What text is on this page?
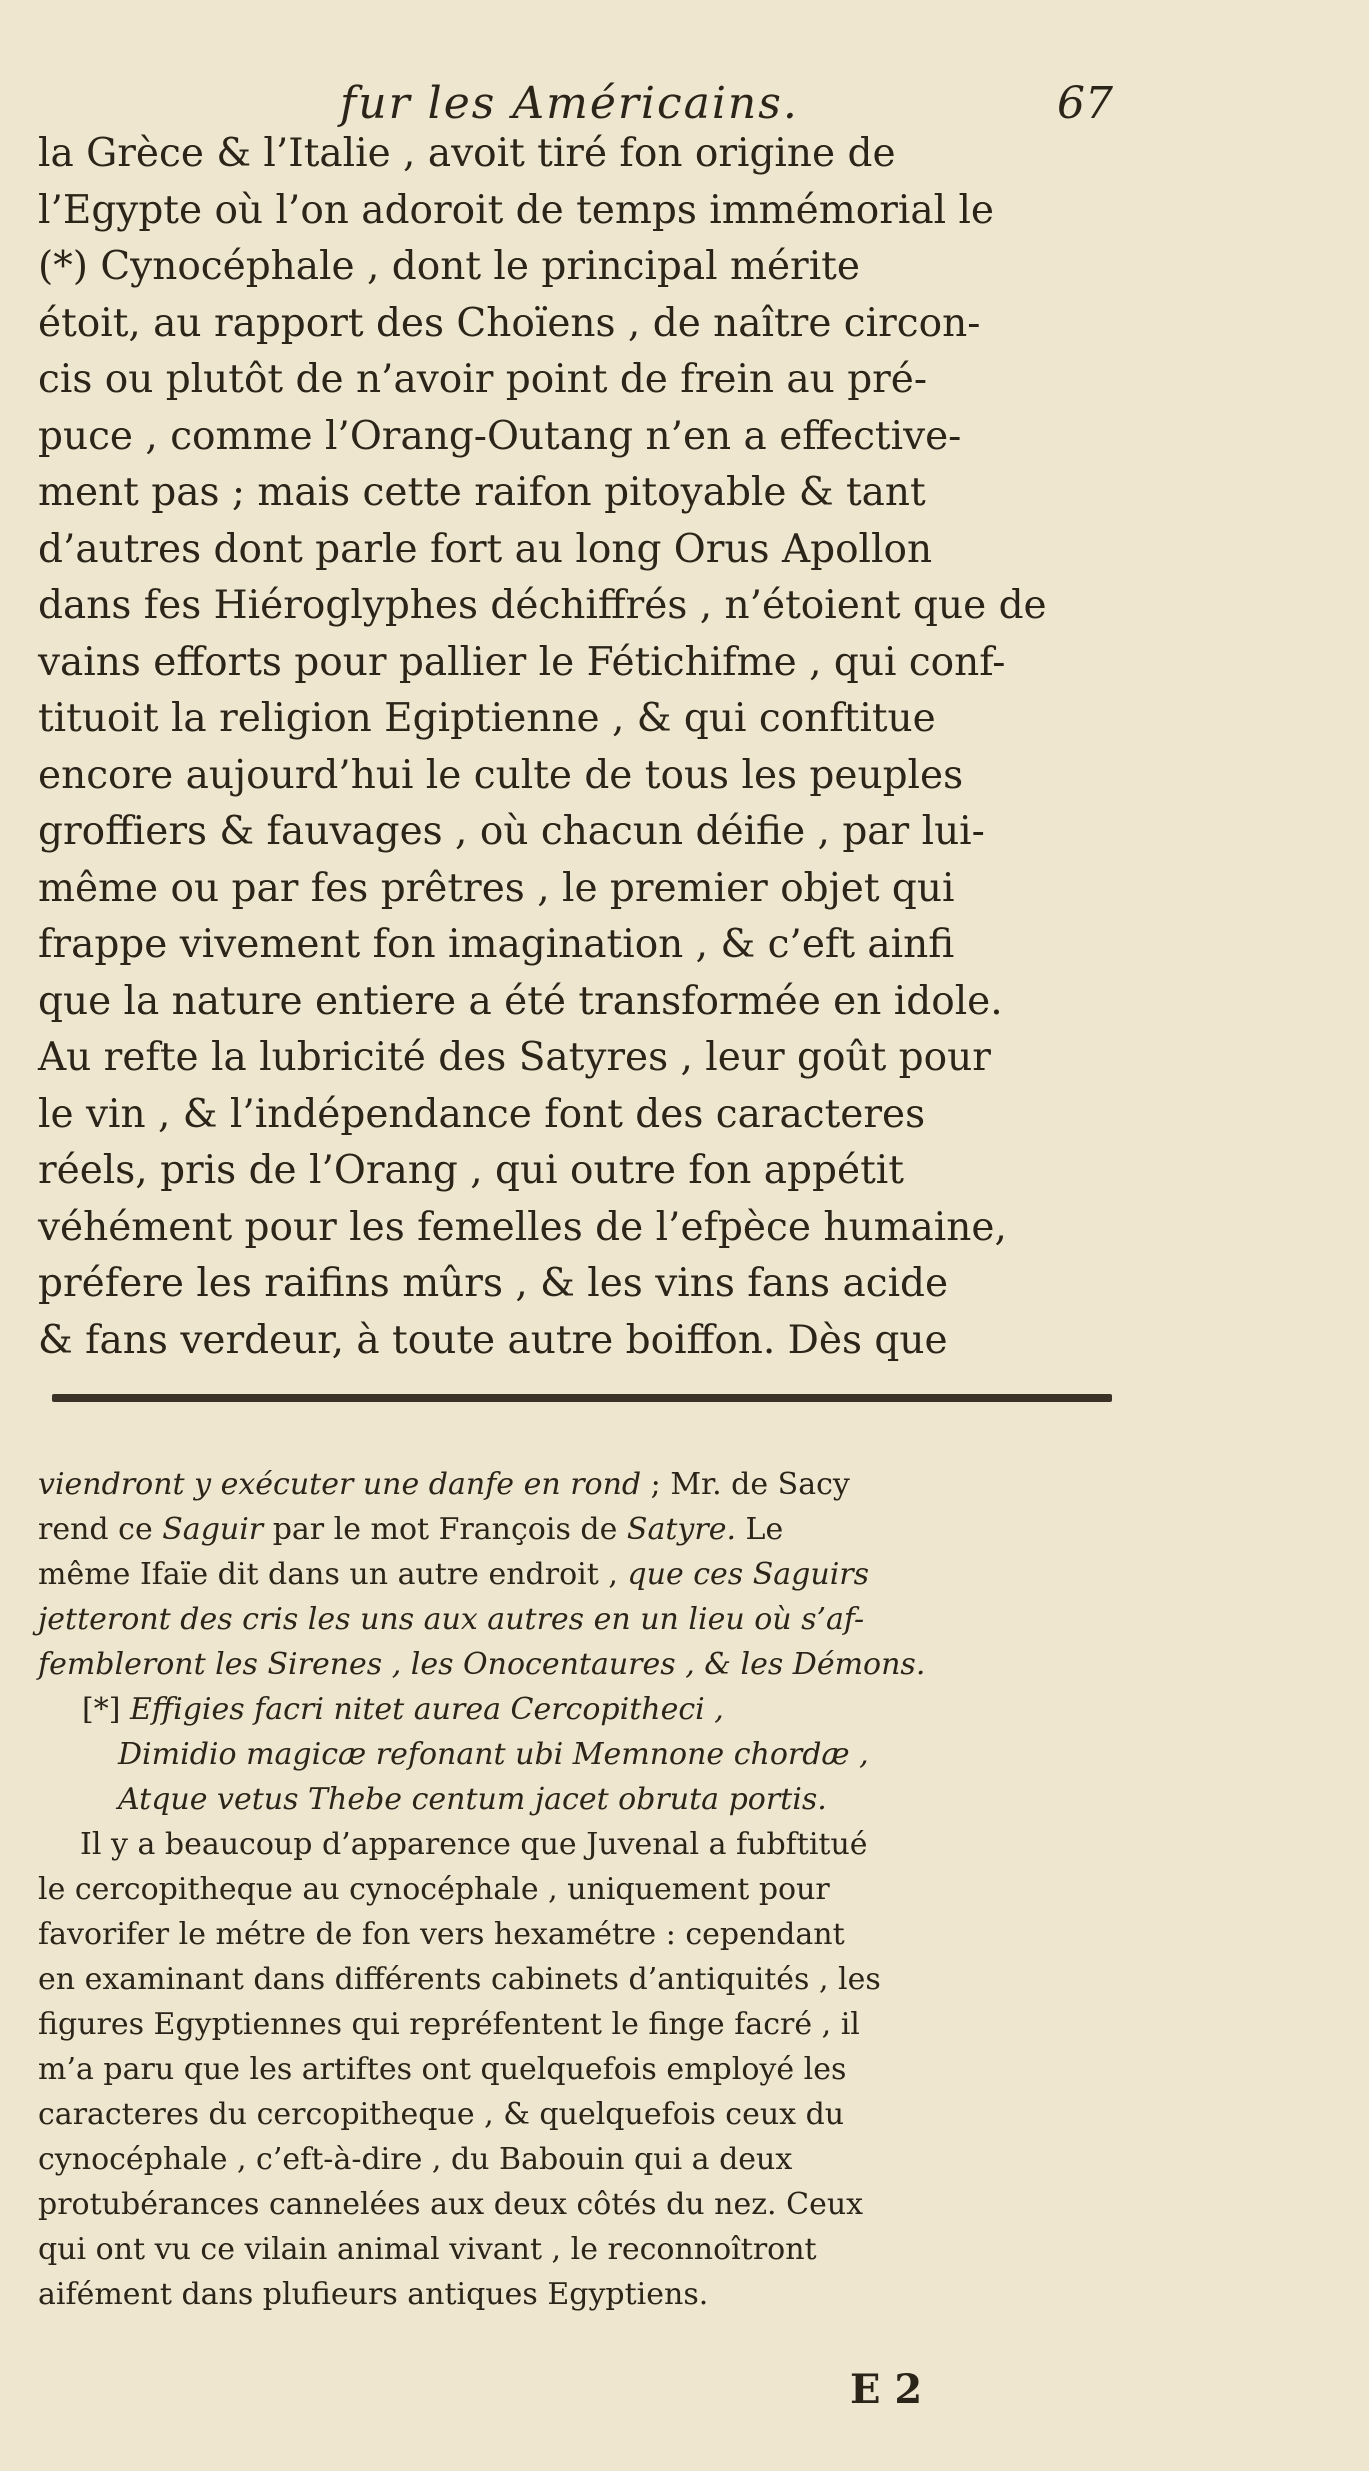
fur les Américains.	67
la Grèce & l’Italie , avoit tiré fon origine de
l’Egypte où l’on adoroit de temps immémorial le
(*) Cynocéphale , dont le principal mérite
étoit, au rapport des Choïens , de naître circon-
cis ou plutôt de n’avoir point de frein au pré-
puce , comme l’Orang-Outang n’en a effective-
ment pas ; mais cette raifon pitoyable & tant
d’autres dont parle fort au long Orus Apollon
dans fes Hiéroglyphes déchiffrés , n’étoient que de
vains efforts pour pallier le Fétichifme , qui conf-
tituoit la religion Egiptienne , & qui conftitue
encore aujourd’hui le culte de tous les peuples
groffiers & fauvages , où chacun déifie , par lui-
même ou par fes prêtres , le premier objet qui
frappe vivement fon imagination , & c’eft ainfi
que la nature entiere a été transformée en idole.
Au refte la lubricité des Satyres , leur goût pour
le vin , & l’indépendance font des caracteres
réels, pris de l’Orang , qui outre fon appétit
véhément pour les femelles de l’efpèce humaine,
préfere les raifins mûrs , & les vins fans acide
& fans verdeur, à toute autre boiffon. Dès que
viendront y exécuter une danfe en rond ; Mr. de Sacy
rend ce Saguir par le mot François de Satyre. Le
même Ifaïe dit dans un autre endroit , que ces Saguirs
jetteront des cris les uns aux autres en un lieu où s’af-
fembleront les Sirenes , les Onocentaures , & les Démons.
[*] Effigies facri nitet aurea Cercopitheci ,
Dimidio magicæ refonant ubi Memnone chordæ ,
Atque vetus Thebe centum jacet obruta portis.
Il y a beaucoup d’apparence que Juvenal a fubftitué
le cercopitheque au cynocéphale , uniquement pour
favorifer le métre de fon vers hexamétre : cependant
en examinant dans différents cabinets d’antiquités , les
figures Egyptiennes qui repréfentent le finge facré , il
m’a paru que les artiftes ont quelquefois employé les
caracteres du cercopitheque , & quelquefois ceux du
cynocéphale , c’eft-à-dire , du Babouin qui a deux
protubérances cannelées aux deux côtés du nez. Ceux
qui ont vu ce vilain animal vivant , le reconnoîtront
aifément dans plufieurs antiques Egyptiens.
E 2
